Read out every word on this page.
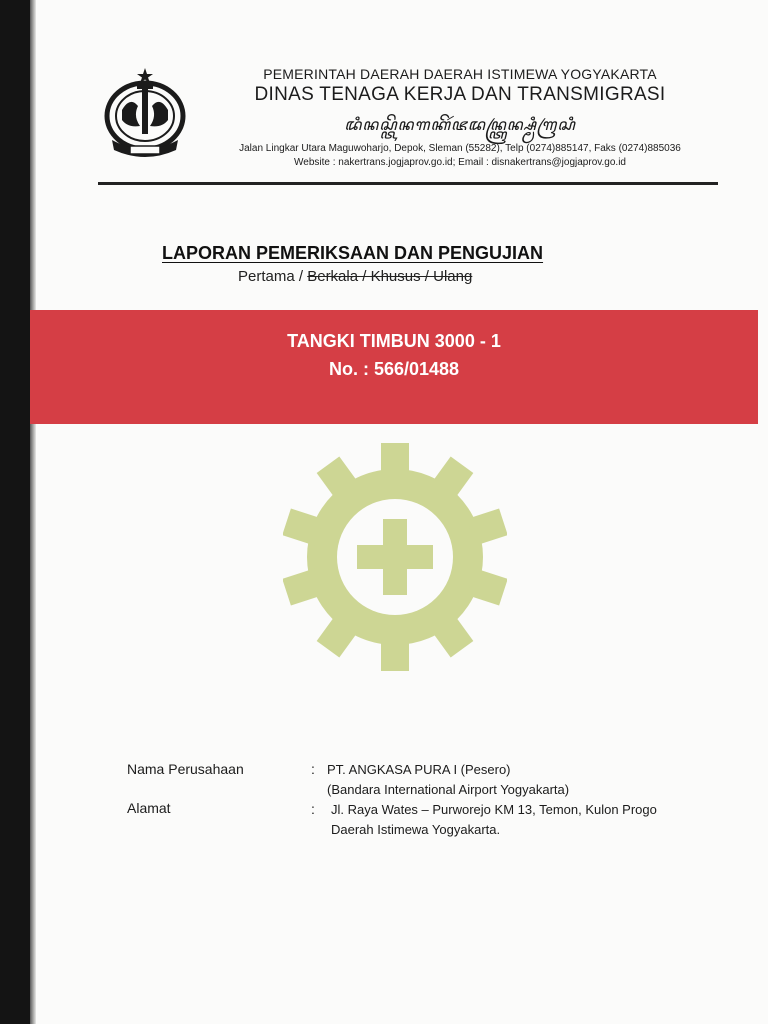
PEMERINTAH DAERAH DAERAH ISTIMEWA YOGYAKARTA
DINAS TENAGA KERJA DAN TRANSMIGRASI
ꦢꦶꦤꦱ꧀ꦠꦼꦤꦒꦏꦼꦂꦗꦢꦤ꧀ꦠꦿꦤ꧀ꦱ꧀ꦩꦶꦒꦿꦱꦶ
Jalan Lingkar Utara Maguwoharjo, Depok, Sleman (55282), Telp (0274)885147, Faks (0274)885036
Website : nakertrans.jogjaprov.go.id; Email : disnakertrans@jogjaprov.go.id
LAPORAN PEMERIKSAAN DAN PENGUJIAN
Pertama / Berkala / Khusus / Ulang
TANGKI TIMBUN 3000 - 1
No. : 566/01488
Nama Perusahaan	: PT. ANGKASA PURA I (Pesero)
(Bandara International Airport Yogyakarta)
Alamat	: Jl. Raya Wates – Purworejo KM 13, Temon, Kulon Progo
Daerah Istimewa Yogyakarta.
